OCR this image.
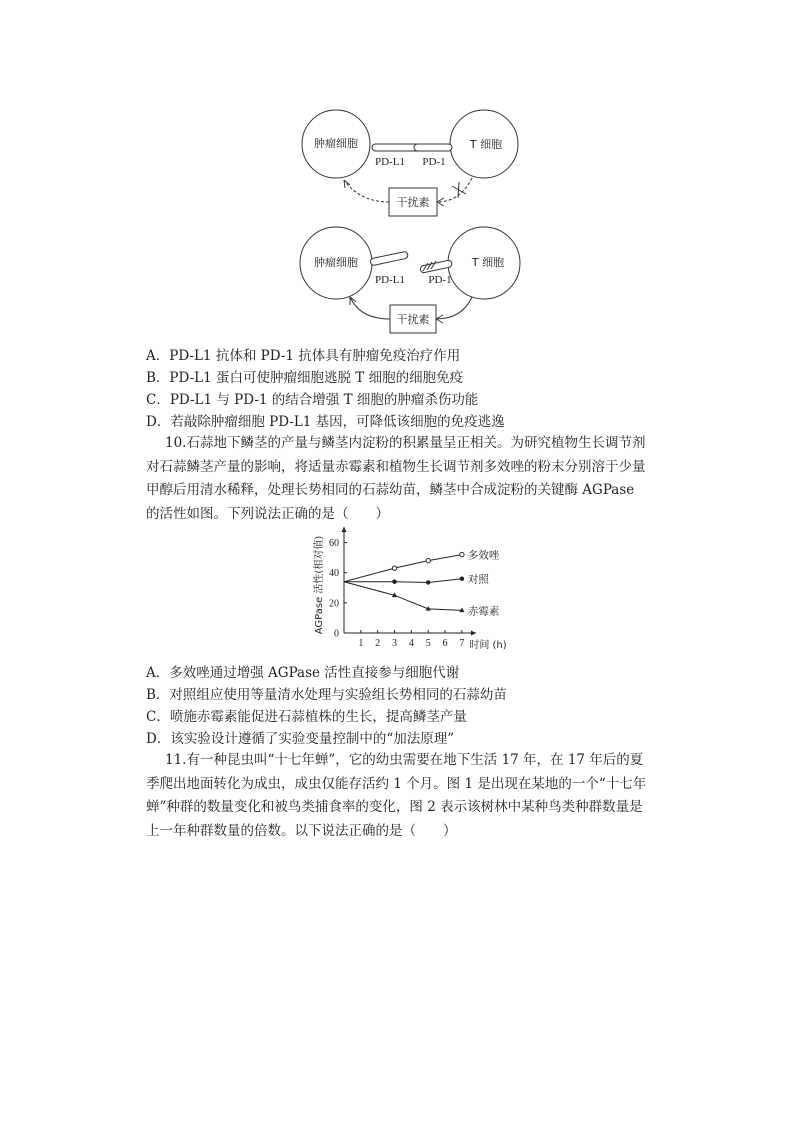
肿瘤细胞	T 细胞
PD-L1 PD-1
干扰素
肿瘤细胞	T 细胞
PD-L1 PD-1
干扰素
A．PD-L1 抗体和 PD-1 抗体具有肿瘤免疫治疗作用
B．PD-L1 蛋白可使肿瘤细胞逃脱 T 细胞的细胞免疫
C．PD-L1 与 PD-1 的结合增强 T 细胞的肿瘤杀伤功能
D．若敲除肿瘤细胞 PD-L1 基因，可降低该细胞的免疫逃逸
10.石蒜地下鳞茎的产量与鳞茎内淀粉的积累量呈正相关。为研究植物生长调节剂对石蒜鳞茎产量的影响，将适量赤霉素和植物生长调节剂多效唑的粉末分别溶于少量甲醇后用清水稀释，处理长势相同的石蒜幼苗，鳞茎中合成淀粉的关键酶 AGPase 的活性如图。下列说法正确的是（　　）
0
20
40
60
1 2 3 4 5 6 7 时间 (h)
AGPase 活性(相对值)	多效唑
对照
赤霉素
A．多效唑通过增强 AGPase 活性直接参与细胞代谢
B．对照组应使用等量清水处理与实验组长势相同的石蒜幼苗
C．喷施赤霉素能促进石蒜植株的生长，提高鳞茎产量
D．该实验设计遵循了实验变量控制中的“加法原理”
11.有一种昆虫叫“十七年蝉”，它的幼虫需要在地下生活 17 年，在 17 年后的夏季爬出地面转化为成虫，成虫仅能存活约 1 个月。图 1 是出现在某地的一个“十七年蝉”种群的数量变化和被鸟类捕食率的变化，图 2 表示该树林中某种鸟类种群数量是上一年种群数量的倍数。以下说法正确的是（　　）
